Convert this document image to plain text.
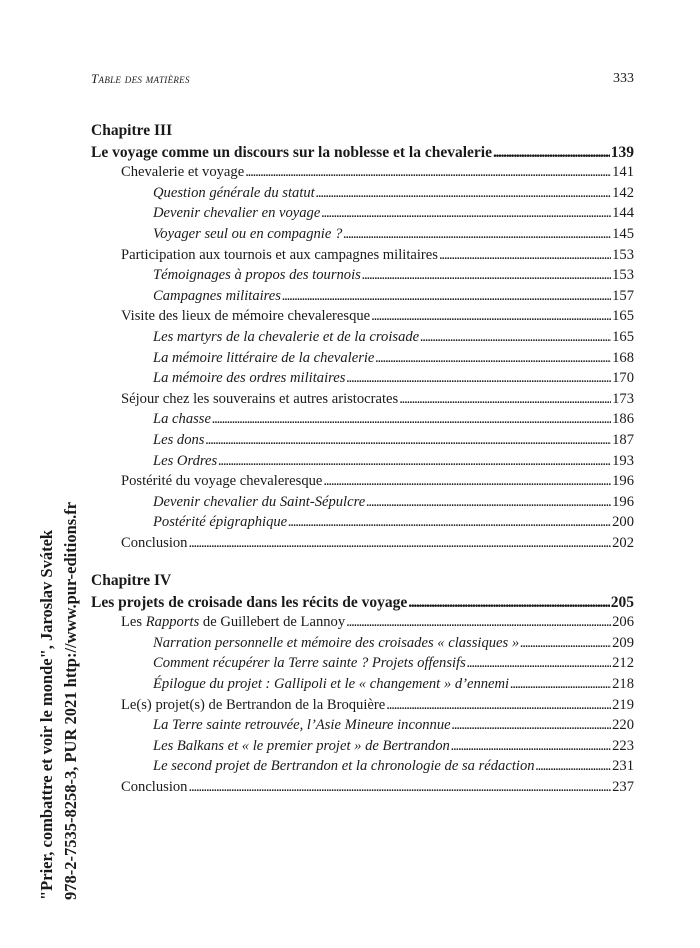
Table des matières	333
Chapitre III
Le voyage comme un discours sur la noblesse et la chevalerie . . .	139
Chevalerie et voyage . . .	141
Question générale du statut . . .	142
Devenir chevalier en voyage . . .	144
Voyager seul ou en compagnie ? . . .	145
Participation aux tournois et aux campagnes militaires . . .	153
Témoignages à propos des tournois . . .	153
Campagnes militaires . . .	157
Visite des lieux de mémoire chevaleresque . . .	165
Les martyrs de la chevalerie et de la croisade . . .	165
La mémoire littéraire de la chevalerie . . .	168
La mémoire des ordres militaires . . .	170
Séjour chez les souverains et autres aristocrates . . .	173
La chasse . . .	186
Les dons . . .	187
Les Ordres . . .	193
Postérité du voyage chevaleresque . . .	196
Devenir chevalier du Saint-Sépulcre . . .	196
Postérité épigraphique . . .	200
Conclusion . . .	202
Chapitre IV
Les projets de croisade dans les récits de voyage . . .	205
Les Rapports de Guillebert de Lannoy . . .	206
Narration personnelle et mémoire des croisades « classiques » . . .	209
Comment récupérer la Terre sainte ? Projets offensifs . . .	212
Épilogue du projet : Gallipoli et le « changement » d’ennemi . . .	218
Le(s) projet(s) de Bertrandon de la Broquière . . .	219
La Terre sainte retrouvée, l’Asie Mineure inconnue . . .	220
Les Balkans et « le premier projet » de Bertrandon . . .	223
Le second projet de Bertrandon et la chronologie de sa rédaction . . .	231
Conclusion . . .	237
"Prier, combattre et voir le monde", Jaroslav Svátek 978-2-7535-8258-3, PUR 2021 http://www.pur-editions.fr
